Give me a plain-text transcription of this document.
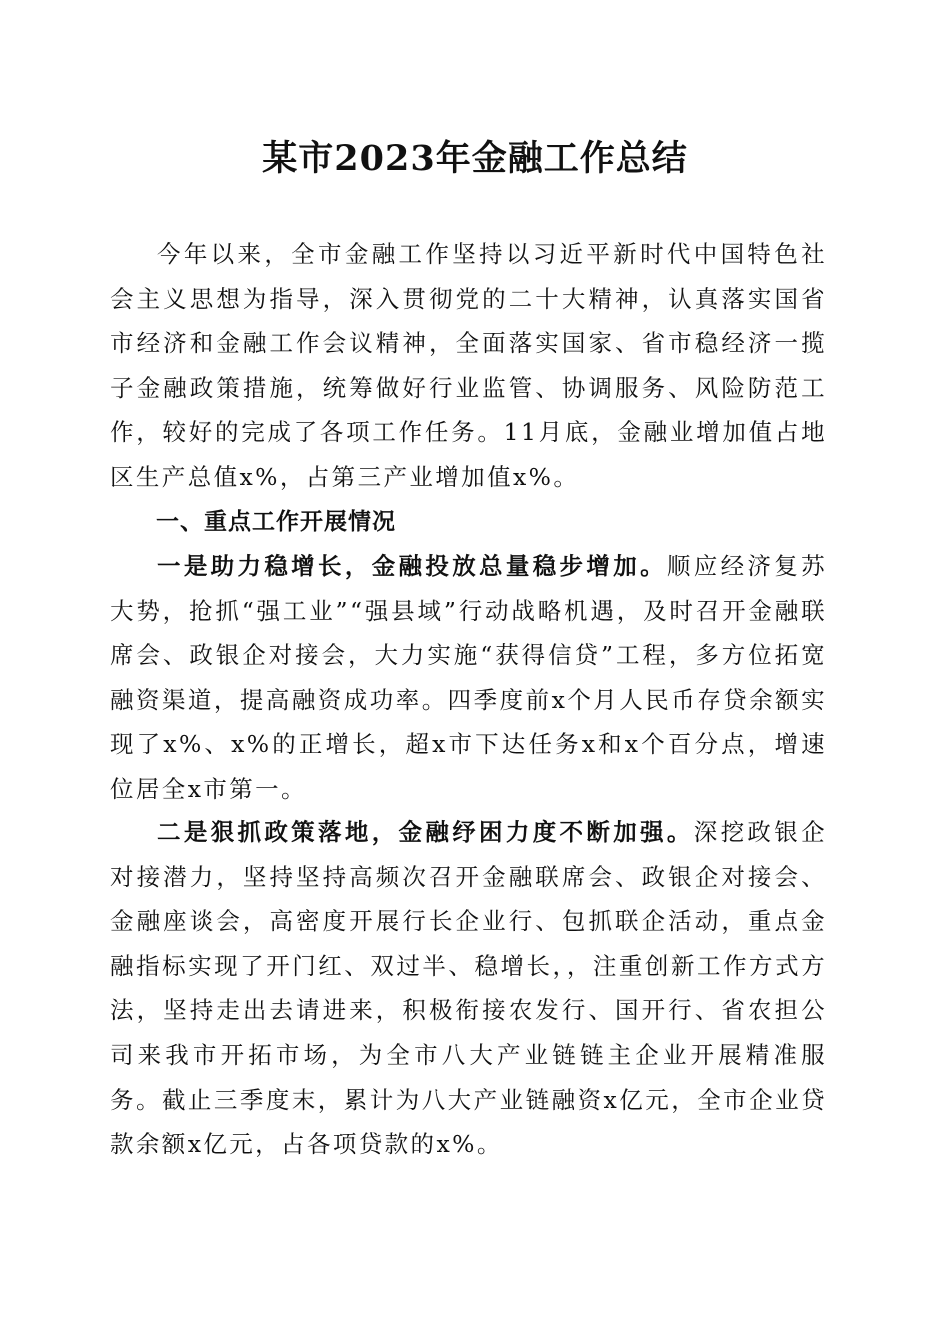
某市2023年金融工作总结

今年以来，全市金融工作坚持以习近平新时代中国特色社会主义思想为指导，深入贯彻党的二十大精神，认真落实国省市经济和金融工作会议精神，全面落实国家、省市稳经济一揽子金融政策措施，统筹做好行业监管、协调服务、风险防范工作，较好的完成了各项工作任务。11月底，金融业增加值占地区生产总值x%，占第三产业增加值x%。

一、重点工作开展情况

一是助力稳增长，金融投放总量稳步增加。顺应经济复苏大势，抢抓“强工业”“强县域”行动战略机遇，及时召开金融联席会、政银企对接会，大力实施“获得信贷”工程，多方位拓宽融资渠道，提高融资成功率。四季度前x个月人民币存贷余额实现了x%、x%的正增长，超x市下达任务x和x个百分点，增速位居全x市第一。

二是狠抓政策落地，金融纾困力度不断加强。深挖政银企对接潜力，坚持坚持高频次召开金融联席会、政银企对接会、金融座谈会，高密度开展行长企业行、包抓联企活动，重点金融指标实现了开门红、双过半、稳增长，，注重创新工作方式方法，坚持走出去请进来，积极衔接农发行、国开行、省农担公司来我市开拓市场，为全市八大产业链链主企业开展精准服务。截止三季度末，累计为八大产业链融资x亿元，全市企业贷款余额x亿元，占各项贷款的x%。
